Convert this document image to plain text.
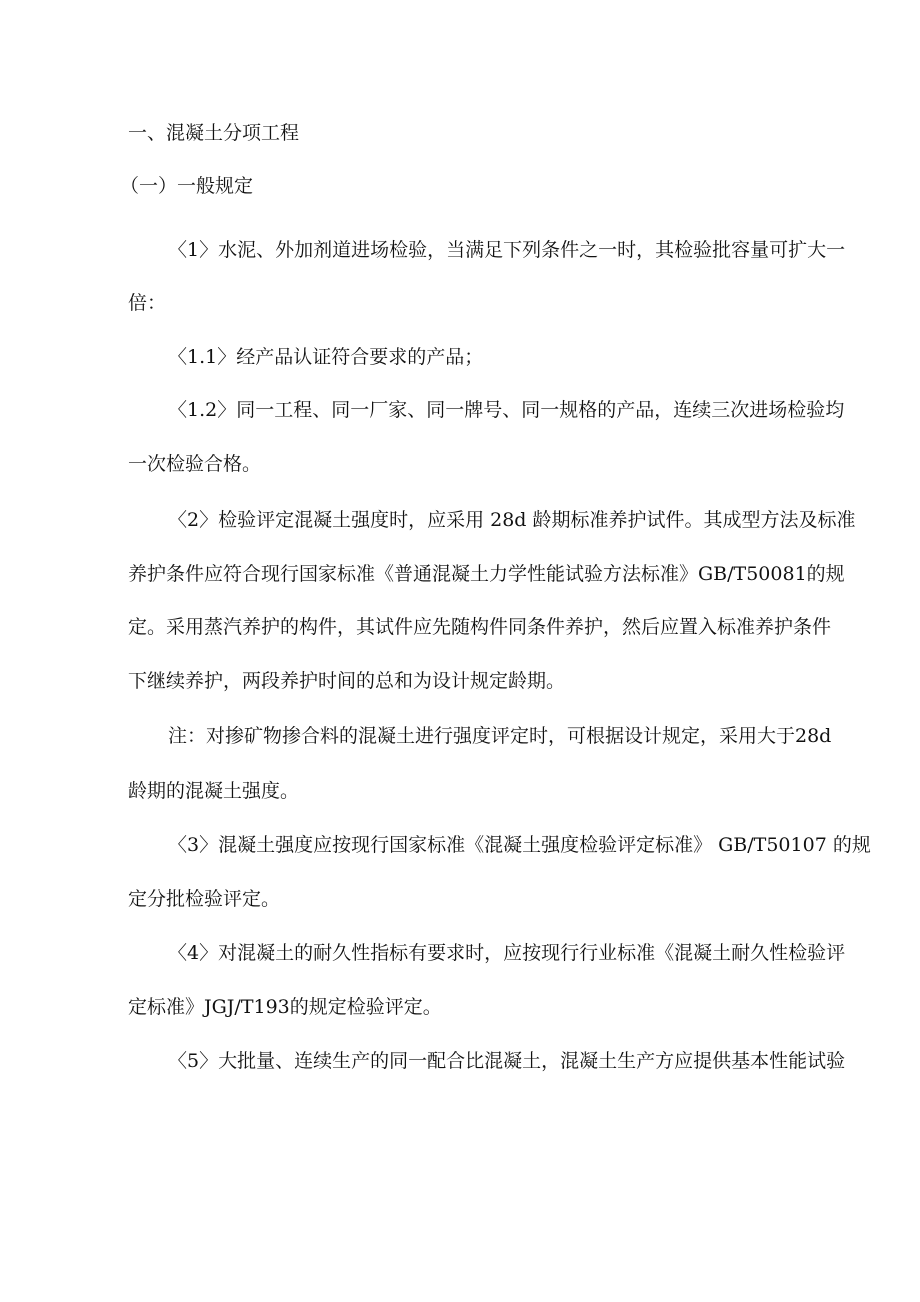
一、混凝土分项工程
（一）一般规定
〈1〉水泥、外加剂道进场检验，当满足下列条件之一时，其检验批容量可扩大一
倍：
〈1.1〉经产品认证符合要求的产品；
〈1.2〉同一工程、同一厂家、同一牌号、同一规格的产品，连续三次进场检验均
一次检验合格。
〈2〉检验评定混凝土强度时，应采用 28d 龄期标准养护试件。其成型方法及标准
养护条件应符合现行国家标准《普通混凝土力学性能试验方法标准》GB/T50081的规
定。采用蒸汽养护的构件，其试件应先随构件同条件养护，然后应置入标准养护条件
下继续养护，两段养护时间的总和为设计规定龄期。
注：对掺矿物掺合料的混凝土进行强度评定时，可根据设计规定，采用大于28d
龄期的混凝土强度。
〈3〉混凝土强度应按现行国家标准《混凝土强度检验评定标准》 GB/T50107 的规
定分批检验评定。
〈4〉对混凝土的耐久性指标有要求时，应按现行行业标准《混凝土耐久性检验评
定标准》JGJ/T193的规定检验评定。
〈5〉大批量、连续生产的同一配合比混凝土，混凝土生产方应提供基本性能试验
